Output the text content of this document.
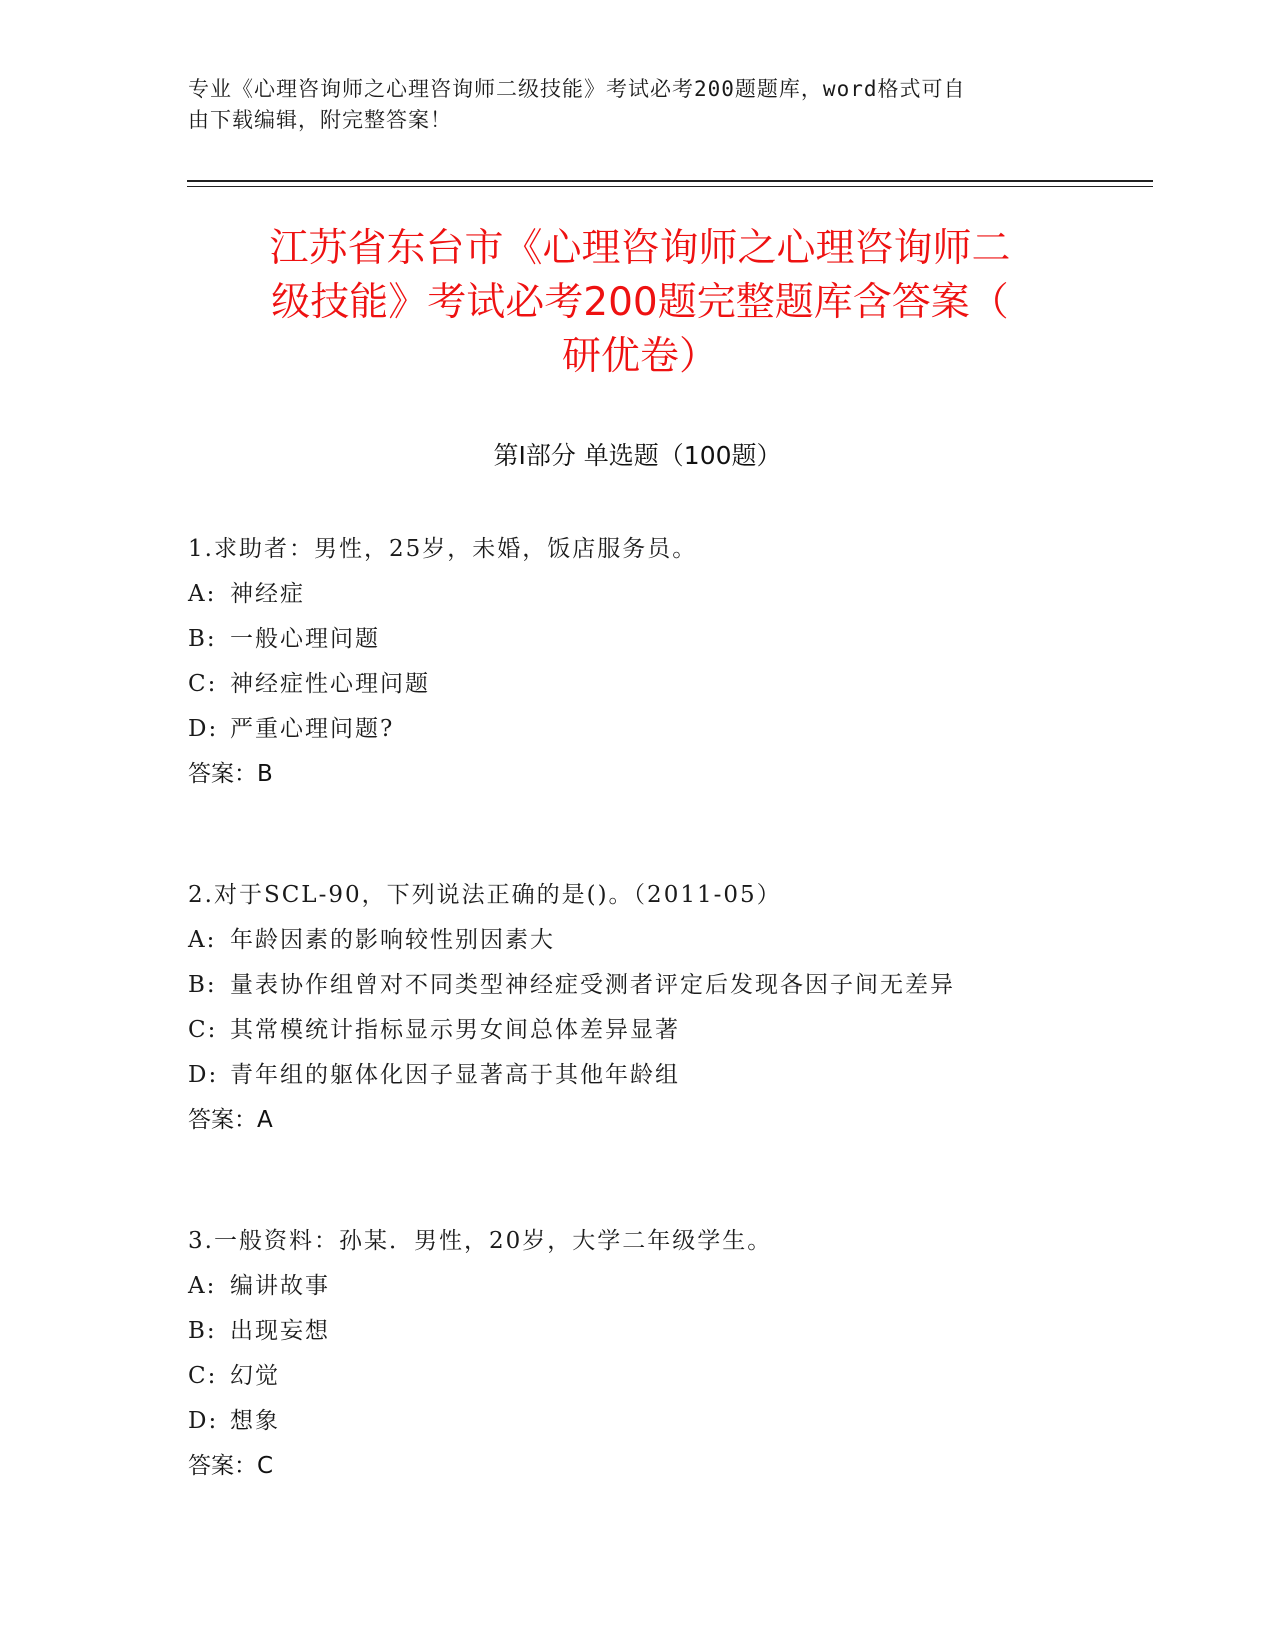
专业《心理咨询师之心理咨询师二级技能》考试必考200题题库，word格式可自
由下载编辑，附完整答案！
江苏省东台市《心理咨询师之心理咨询师二
级技能》考试必考200题完整题库含答案（
研优卷）
第Ⅰ部分 单选题（100题）
1.求助者：男性，25岁，未婚，饭店服务员。
A: 神经症
B: 一般心理问题
C: 神经症性心理问题
D: 严重心理问题?
答案：B
2.对于SCL-90，下列说法正确的是()。（2011-05）
A: 年龄因素的影响较性别因素大
B: 量表协作组曾对不同类型神经症受测者评定后发现各因子间无差异
C: 其常模统计指标显示男女间总体差异显著
D: 青年组的躯体化因子显著高于其他年龄组
答案：A
3.一般资料：孙某．男性，20岁，大学二年级学生。
A: 编讲故事
B: 出现妄想
C: 幻觉
D: 想象
答案：C
